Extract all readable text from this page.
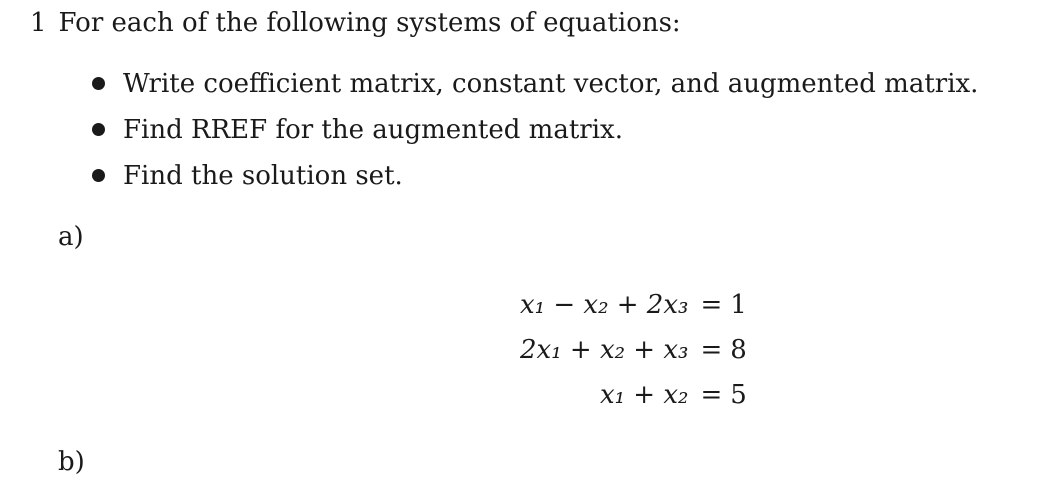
1 For each of the following systems of equations:
Write coefficient matrix, constant vector, and augmented matrix.
Find RREF for the augmented matrix.
Find the solution set.
a)
x₁ − x₂ + 2x₃	=	1
2x₁ + x₂ + x₃	=	8
x₁ + x₂	=	5
b)
